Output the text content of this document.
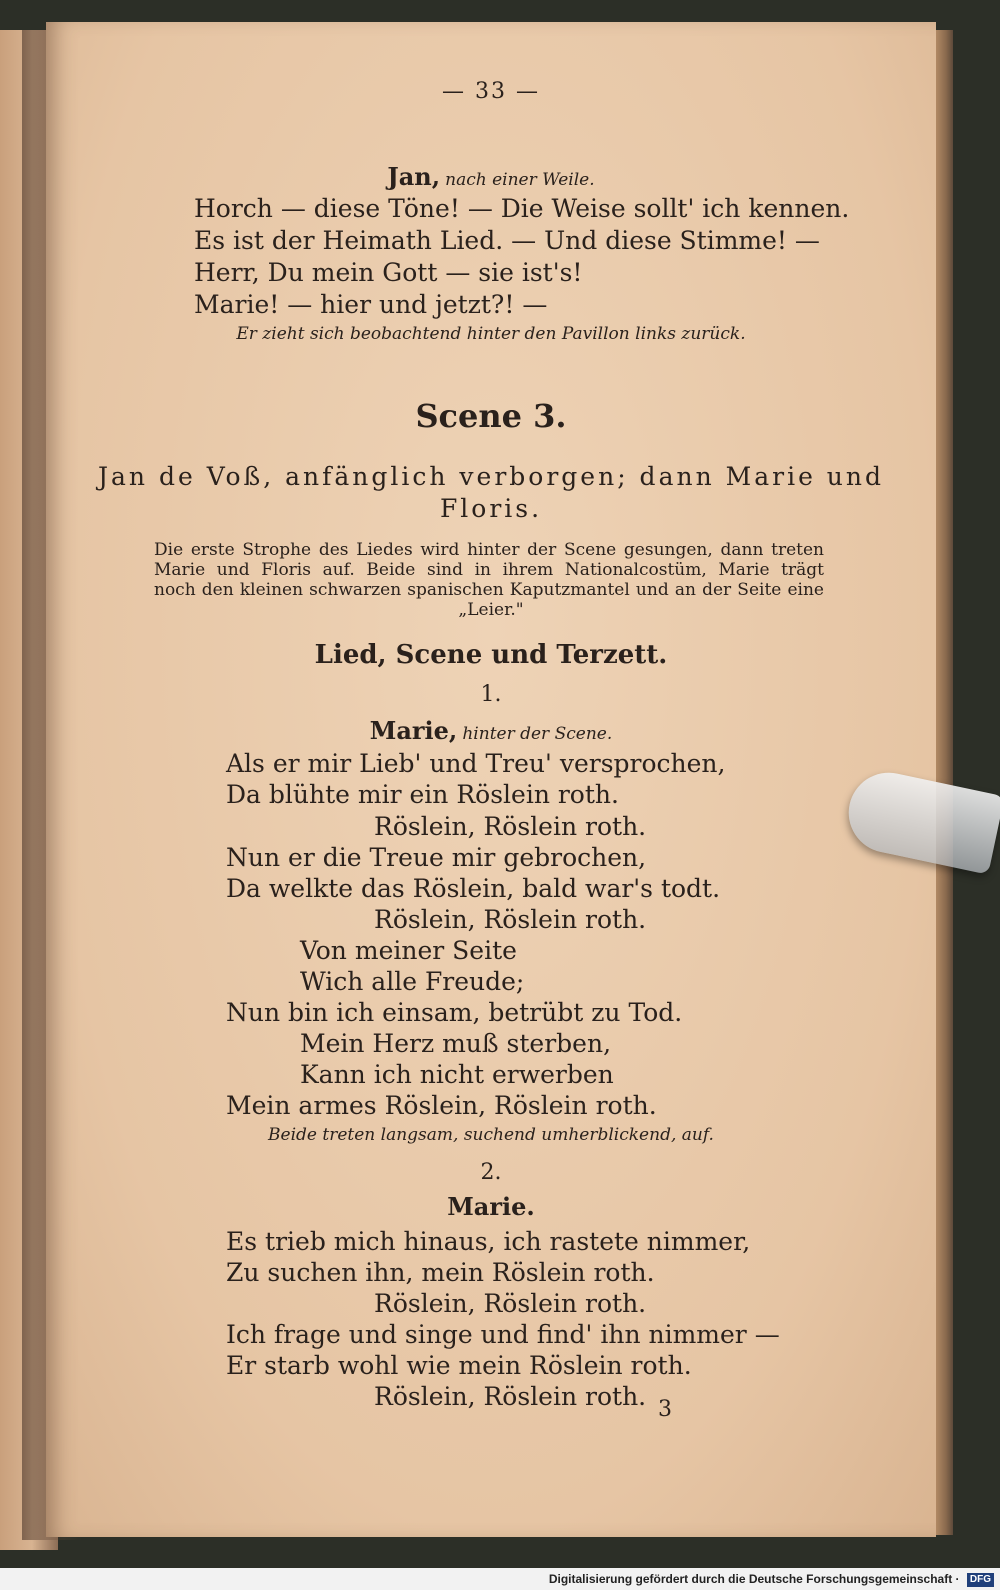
— 33 —
Jan, nach einer Weile.
Horch — diese Töne! — Die Weise sollt' ich kennen.
Es ist der Heimath Lied. — Und diese Stimme! —
Herr, Du mein Gott — sie ist's!
Marie! — hier und jetzt?! —
Er zieht sich beobachtend hinter den Pavillon links zurück.
Scene 3.
Jan de Voß, anfänglich verborgen; dann Marie und
Floris.
Die erste Strophe des Liedes wird hinter der Scene gesungen, dann treten
Marie und Floris auf. Beide sind in ihrem Nationalcostüm, Marie trägt
noch den kleinen schwarzen spanischen Kaputzmantel und an der Seite eine
„Leier."
Lied, Scene und Terzett.
1.
Marie, hinter der Scene.
Als er mir Lieb' und Treu' versprochen,
Da blühte mir ein Röslein roth.
Röslein, Röslein roth.
Nun er die Treue mir gebrochen,
Da welkte das Röslein, bald war's todt.
Röslein, Röslein roth.
Von meiner Seite
Wich alle Freude;
Nun bin ich einsam, betrübt zu Tod.
Mein Herz muß sterben,
Kann ich nicht erwerben
Mein armes Röslein, Röslein roth.
Beide treten langsam, suchend umherblickend, auf.
2.
Marie.
Es trieb mich hinaus, ich rastete nimmer,
Zu suchen ihn, mein Röslein roth.
Röslein, Röslein roth.
Ich frage und singe und find' ihn nimmer —
Er starb wohl wie mein Röslein roth.
Röslein, Röslein roth. 3
Digitalisierung gefördert durch die Deutsche Forschungsgemeinschaft · DFG
